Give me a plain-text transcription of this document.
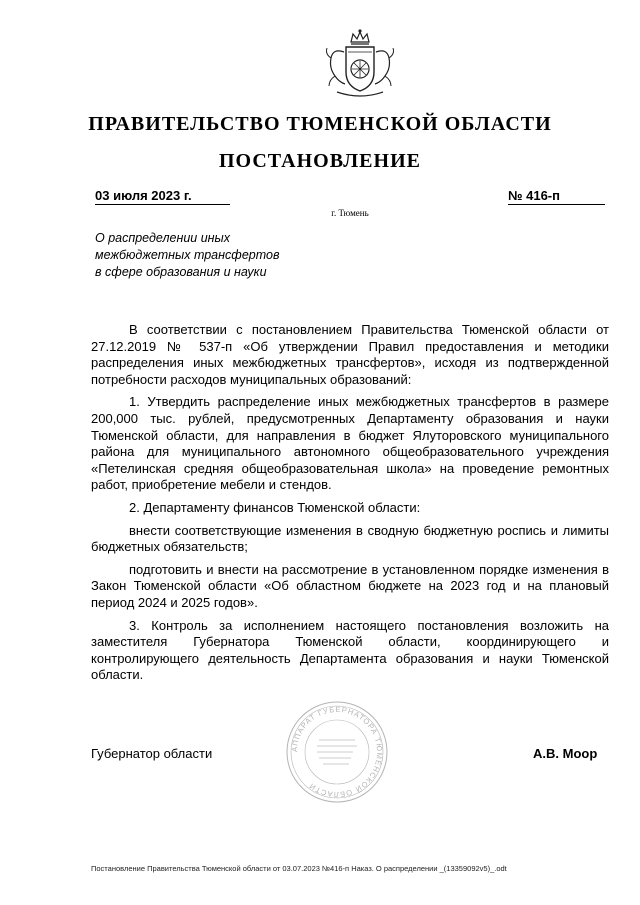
ПРАВИТЕЛЬСТВО ТЮМЕНСКОЙ ОБЛАСТИ
ПОСТАНОВЛЕНИЕ
03 июля 2023 г.	№ 416-п
г. Тюмень
О распределении иных
межбюджетных трансфертов
в сфере образования и науки

В соответствии с постановлением Правительства Тюменской области от 27.12.2019 № 537-п «Об утверждении Правил предоставления и методики распределения иных межбюджетных трансфертов», исходя из подтвержденной потребности расходов муниципальных образований:

1. Утвердить распределение иных межбюджетных трансфертов в размере 200,000 тыс. рублей, предусмотренных Департаменту образования и науки Тюменской области, для направления в бюджет Ялуторовского муниципального района для муниципального автономного общеобразовательного учреждения «Петелинская средняя общеобразовательная школа» на проведение ремонтных работ, приобретение мебели и стендов.

2. Департаменту финансов Тюменской области:

внести соответствующие изменения в сводную бюджетную роспись и лимиты бюджетных обязательств;

подготовить и внести на рассмотрение в установленном порядке изменения в Закон Тюменской области «Об областном бюджете на 2023 год и на плановый период 2024 и 2025 годов».

3. Контроль за исполнением настоящего постановления возложить на заместителя Губернатора Тюменской области, координирующего и контролирующего деятельность Департамента образования и науки Тюменской области.

АППАРАТ ГУБЕРНАТОРА ТЮМЕНСКОЙ ОБЛАСТИ
Губернатор области	А.В. Моор
Постановление Правительства Тюменской области от 03.07.2023 №416-п Наказ. О распределении _(13359092v5)_.odt
